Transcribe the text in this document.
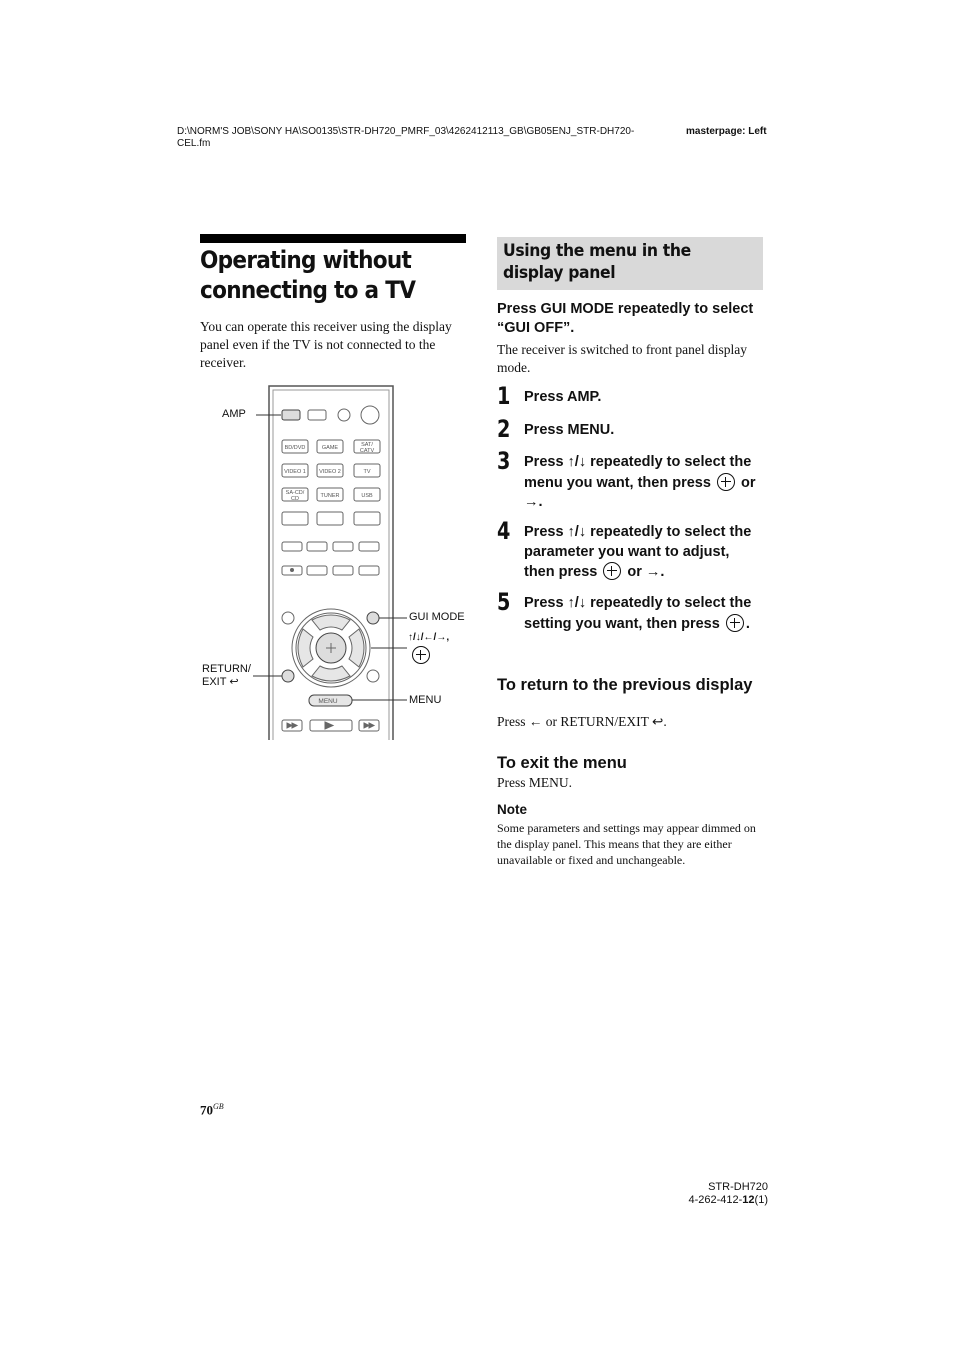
D:\NORM'S JOB\SONY HA\SO0135\STR-DH720_PMRF_03\4262412113_GB\GB05ENJ_STR-DH720-CEL.fm
masterpage: Left
Operating without connecting to a TV
You can operate this receiver using the display panel even if the TV is not connected to the receiver.
BD/DVD	GAME	SAT/
CATV
VIDEO 1 VIDEO 2	TV
SA-CD/
CD	TUNER	USB
MENU
AMP
GUI MODE
↑/↓/←/→,
RETURN/
EXIT ↩
MENU
Using the menu in the display panel
Press GUI MODE repeatedly to select “GUI OFF”.
The receiver is switched to front panel display mode.
1 Press AMP.
2 Press MENU.
3 Press ↑/↓ repeatedly to select the menu you want, then press or →.
4 Press ↑/↓ repeatedly to select the parameter you want to adjust, then press or →.
5 Press ↑/↓ repeatedly to select the setting you want, then press .
To return to the previous display
Press ← or RETURN/EXIT ↩.
To exit the menu
Press MENU.
Note
Some parameters and settings may appear dimmed on the display panel. This means that they are either unavailable or fixed and unchangeable.
$70^{GB}$
STR-DH720
4-262-412-12(1)
